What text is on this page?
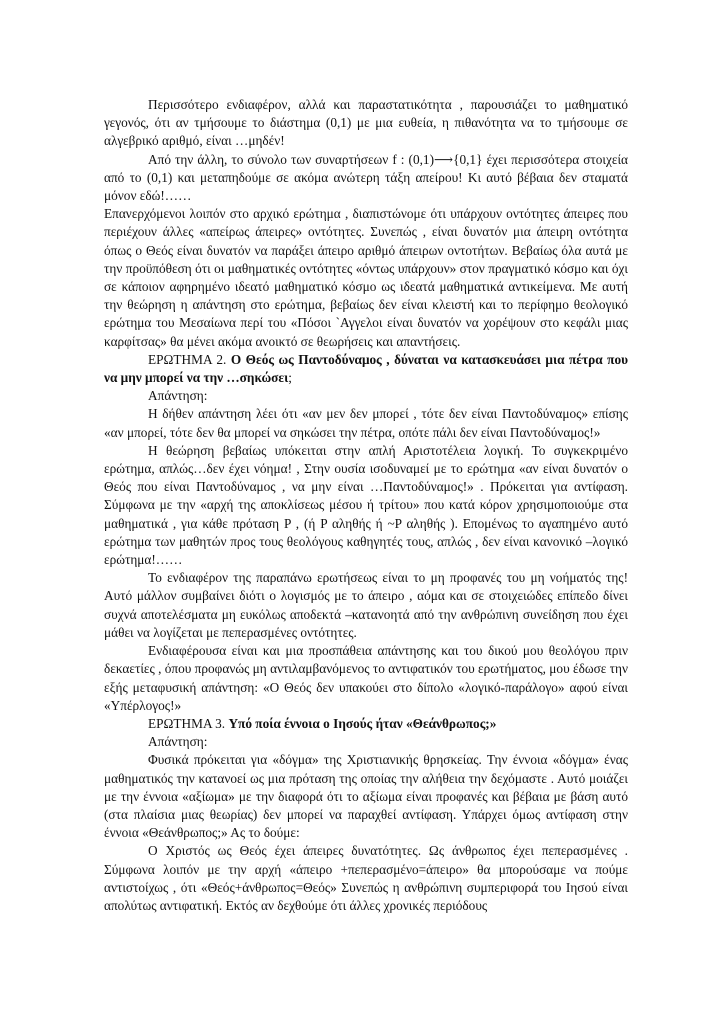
Περισσότερο ενδιαφέρον, αλλά και παραστατικότητα , παρουσιάζει το μαθηματικό γεγονός, ότι αν τμήσουμε το διάστημα (0,1) με μια ευθεία, η πιθανότητα να το τμήσουμε σε αλγεβρικό αριθμό, είναι …μηδέν!

Από την άλλη, το σύνολο των συναρτήσεων f : (0,1)⟶{0,1} έχει περισσότερα στοιχεία από το (0,1) και μεταπηδούμε σε ακόμα ανώτερη τάξη απείρου! Κι αυτό βέβαια δεν σταματά μόνον εδώ!……

Επανερχόμενοι λοιπόν στο αρχικό ερώτημα , διαπιστώνομε ότι υπάρχουν οντότητες άπειρες που περιέχουν άλλες «απείρως άπειρες» οντότητες. Συνεπώς , είναι δυνατόν μια άπειρη οντότητα όπως ο Θεός είναι δυνατόν να παράξει άπειρο αριθμό άπειρων οντοτήτων. Βεβαίως όλα αυτά με την προϋπόθεση ότι οι μαθηματικές οντότητες «όντως υπάρχουν» στον πραγματικό κόσμο και όχι σε κάποιον αφηρημένο ιδεατό μαθηματικό κόσμο ως ιδεατά μαθηματικά αντικείμενα. Με αυτή την θεώρηση η απάντηση στο ερώτημα, βεβαίως δεν είναι κλειστή και το περίφημο θεολογικό ερώτημα του Μεσαίωνα περί του «Πόσοι `Αγγελοι είναι δυνατόν να χορέψουν στο κεφάλι μιας καρφίτσας» θα μένει ακόμα ανοικτό σε θεωρήσεις και απαντήσεις.

ΕΡΩΤΗΜΑ 2. Ο Θεός ως Παντοδύναμος , δύναται να κατασκευάσει μια πέτρα που να μην μπορεί να την …σηκώσει;

Απάντηση:

Η δήθεν απάντηση λέει ότι «αν μεν δεν μπορεί , τότε δεν είναι Παντοδύναμος» επίσης «αν μπορεί, τότε δεν θα μπορεί να σηκώσει την πέτρα, οπότε πάλι δεν είναι Παντοδύναμος!»

Η θεώρηση βεβαίως υπόκειται στην απλή Αριστοτέλεια λογική. Το συγκεκριμένο ερώτημα, απλώς…δεν έχει νόημα! , Στην ουσία ισοδυναμεί με το ερώτημα «αν είναι δυνατόν ο Θεός που είναι Παντοδύναμος , να μην είναι …Παντοδύναμος!» . Πρόκειται για αντίφαση. Σύμφωνα με την «αρχή της αποκλίσεως μέσου ή τρίτου» που κατά κόρον χρησιμοποιούμε στα μαθηματικά , για κάθε πρόταση P , (ή P αληθής ή ~P αληθής ). Επομένως το αγαπημένο αυτό ερώτημα των μαθητών προς τους θεολόγους καθηγητές τους, απλώς , δεν είναι κανονικό –λογικό ερώτημα!……

Το ενδιαφέρον της παραπάνω ερωτήσεως είναι το μη προφανές του μη νοήματός της! Αυτό μάλλον συμβαίνει διότι ο λογισμός με το άπειρο , αόμα και σε στοιχειώδες επίπεδο δίνει συχνά αποτελέσματα μη ευκόλως αποδεκτά –κατανοητά από την ανθρώπινη συνείδηση που έχει μάθει να λογίζεται με πεπερασμένες οντότητες.

Ενδιαφέρουσα είναι και μια προσπάθεια απάντησης και του δικού μου θεολόγου πριν δεκαετίες , όπου προφανώς μη αντιλαμβανόμενος το αντιφατικόν του ερωτήματος, μου έδωσε την εξής μεταφυσική απάντηση: «Ο Θεός δεν υπακούει στο δίπολο «λογικό-παράλογο» αφού είναι «Υπέρλογος!»

ΕΡΩΤΗΜΑ 3. Υπό ποία έννοια ο Ιησούς ήταν «Θεάνθρωπος;»

Απάντηση:

Φυσικά πρόκειται για «δόγμα» της Χριστιανικής θρησκείας. Την έννοια «δόγμα» ένας μαθηματικός την κατανοεί ως μια πρόταση της οποίας την αλήθεια την δεχόμαστε . Αυτό μοιάζει με την έννοια «αξίωμα» με την διαφορά ότι το αξίωμα είναι προφανές και βέβαια με βάση αυτό (στα πλαίσια μιας θεωρίας) δεν μπορεί να παραχθεί αντίφαση. Υπάρχει όμως αντίφαση στην έννοια «Θεάνθρωπος;» Ας το δούμε:

Ο Χριστός ως Θεός έχει άπειρες δυνατότητες. Ως άνθρωπος έχει πεπερασμένες . Σύμφωνα λοιπόν με την αρχή «άπειρο +πεπερασμένο=άπειρο» θα μπορούσαμε να πούμε αντιστοίχως , ότι «Θεός+άνθρωπος=Θεός» Συνεπώς η ανθρώπινη συμπεριφορά του Ιησού είναι απολύτως αντιφατική. Εκτός αν δεχθούμε ότι άλλες χρονικές περιόδους
